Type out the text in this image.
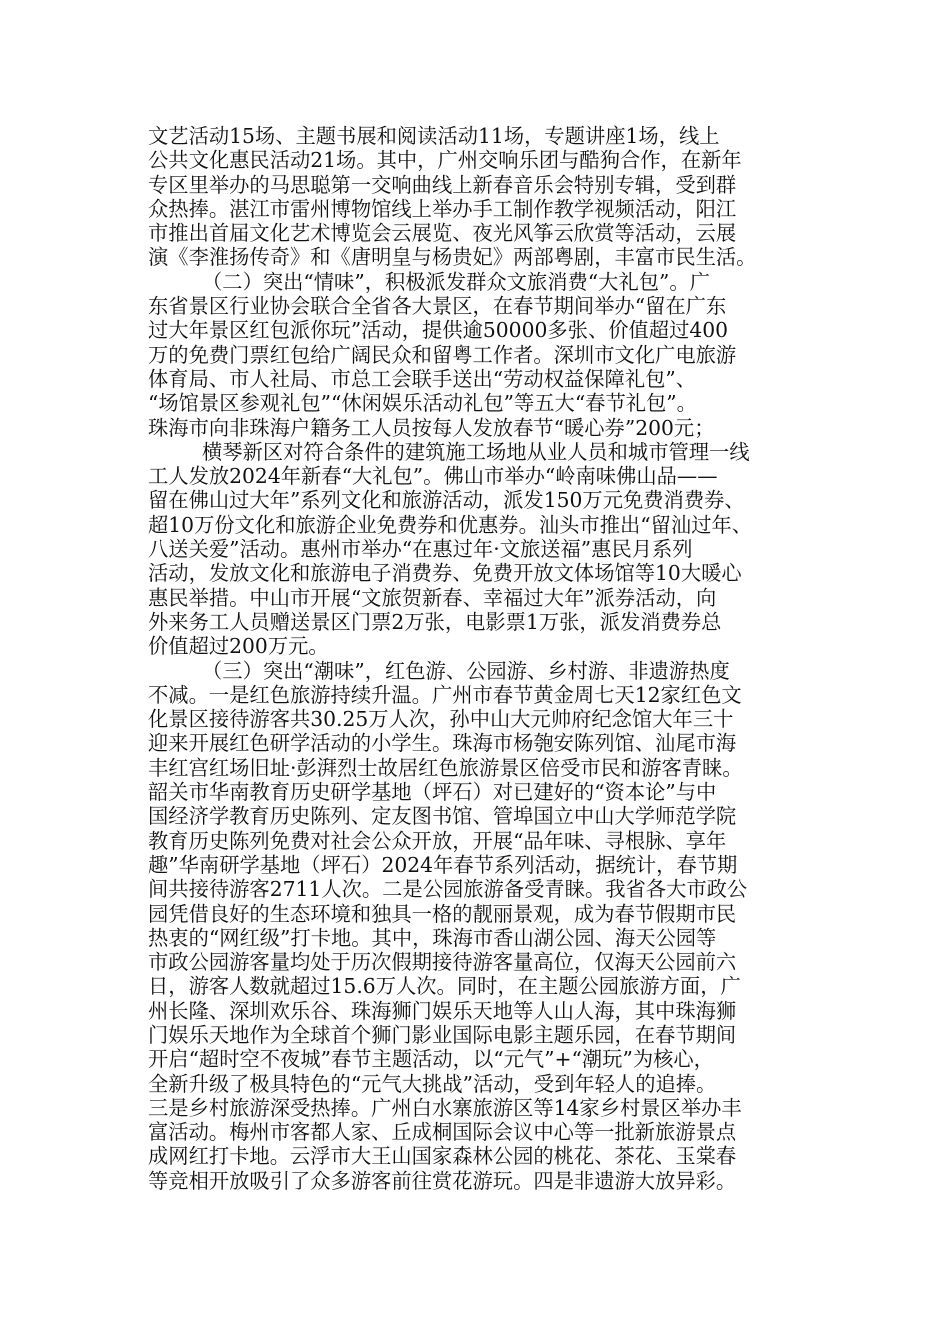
文艺活动15场、主题书展和阅读活动11场，专题讲座1场，线上
公共文化惠民活动21场。其中，广州交响乐团与酷狗合作，在新年
专区里举办的马思聪第一交响曲线上新春音乐会特别专辑，受到群
众热捧。湛江市雷州博物馆线上举办手工制作教学视频活动，阳江
市推出首届文化艺术博览会云展览、夜光风筝云欣赏等活动，云展
演《李淮扬传奇》和《唐明皇与杨贵妃》两部粤剧，丰富市民生活。
（二）突出“情味”，积极派发群众文旅消费“大礼包”。广
东省景区行业协会联合全省各大景区，在春节期间举办“留在广东
过大年景区红包派你玩”活动，提供逾50000多张、价值超过400
万的免费门票红包给广阔民众和留粤工作者。深圳市文化广电旅游
体育局、市人社局、市总工会联手送出“劳动权益保障礼包”、
“场馆景区参观礼包”“休闲娱乐活动礼包”等五大“春节礼包”。
珠海市向非珠海户籍务工人员按每人发放春节“暖心券”200元；
横琴新区对符合条件的建筑施工场地从业人员和城市管理一线
工人发放2024年新春“大礼包”。佛山市举办“岭南味佛山品——
留在佛山过大年”系列文化和旅游活动，派发150万元免费消费券、
超10万份文化和旅游企业免费券和优惠券。汕头市推出“留汕过年、
八送关爱”活动。惠州市举办“在惠过年·文旅送福”惠民月系列
活动，发放文化和旅游电子消费券、免费开放文体场馆等10大暖心
惠民举措。中山市开展“文旅贺新春、幸福过大年”派券活动，向
外来务工人员赠送景区门票2万张，电影票1万张，派发消费券总
价值超过200万元。
（三）突出“潮味”，红色游、公园游、乡村游、非遗游热度
不减。一是红色旅游持续升温。广州市春节黄金周七天12家红色文
化景区接待游客共30.25万人次，孙中山大元帅府纪念馆大年三十
迎来开展红色研学活动的小学生。珠海市杨匏安陈列馆、汕尾市海
丰红宫红场旧址·彭湃烈士故居红色旅游景区倍受市民和游客青睐。
韶关市华南教育历史研学基地（坪石）对已建好的“资本论”与中
国经济学教育历史陈列、定友图书馆、管埠国立中山大学师范学院
教育历史陈列免费对社会公众开放，开展“品年味、寻根脉、享年
趣”华南研学基地（坪石）2024年春节系列活动，据统计，春节期
间共接待游客2711人次。二是公园旅游备受青睐。我省各大市政公
园凭借良好的生态环境和独具一格的靓丽景观，成为春节假期市民
热衷的“网红级”打卡地。其中，珠海市香山湖公园、海天公园等
市政公园游客量均处于历次假期接待游客量高位，仅海天公园前六
日，游客人数就超过15.6万人次。同时，在主题公园旅游方面，广
州长隆、深圳欢乐谷、珠海狮门娱乐天地等人山人海，其中珠海狮
门娱乐天地作为全球首个狮门影业国际电影主题乐园，在春节期间
开启“超时空不夜城”春节主题活动，以“元气”+“潮玩”为核心，
全新升级了极具特色的“元气大挑战”活动，受到年轻人的追捧。
三是乡村旅游深受热捧。广州白水寨旅游区等14家乡村景区举办丰
富活动。梅州市客都人家、丘成桐国际会议中心等一批新旅游景点
成网红打卡地。云浮市大王山国家森林公园的桃花、茶花、玉棠春
等竞相开放吸引了众多游客前往赏花游玩。四是非遗游大放异彩。
